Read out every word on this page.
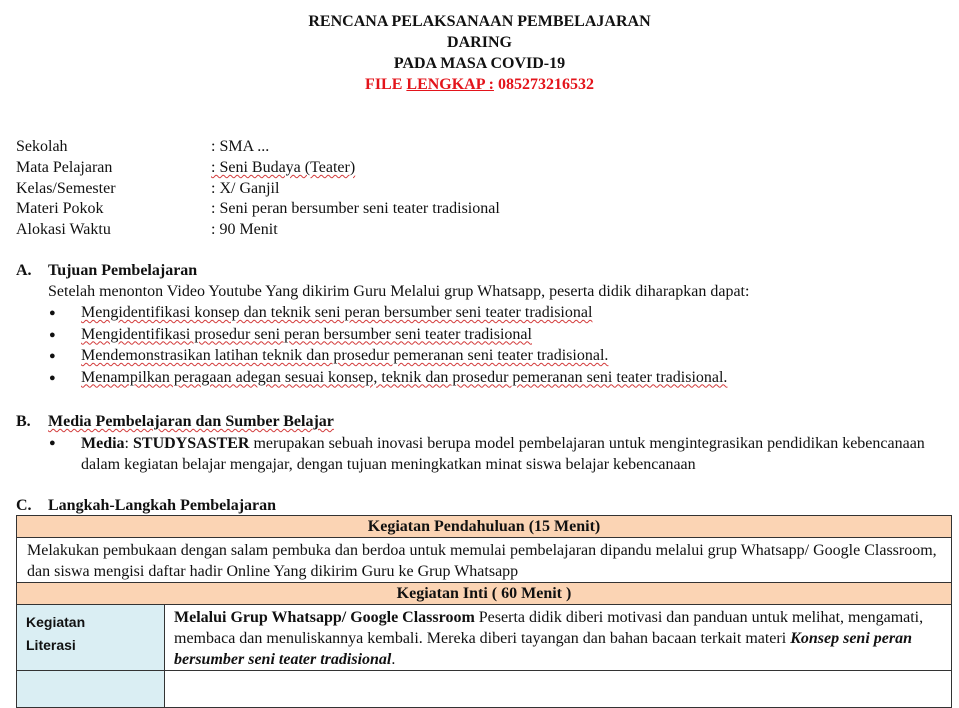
RENCANA PELAKSANAAN PEMBELAJARAN
DARING
PADA MASA COVID-19
FILE LENGKAP : 085273216532
Sekolah	: SMA ...
Mata Pelajaran	: Seni Budaya (Teater)
Kelas/Semester	: X/ Ganjil
Materi Pokok	: Seni peran bersumber seni teater tradisional
Alokasi Waktu	: 90 Menit
A.	Tujuan Pembelajaran
Setelah menonton Video Youtube Yang dikirim Guru Melalui grup Whatsapp, peserta didik diharapkan dapat:
● Mengidentifikasi konsep dan teknik seni peran bersumber seni teater tradisional
● Mengidentifikasi prosedur seni peran bersumber seni teater tradisional
● Mendemonstrasikan latihan teknik dan prosedur pemeranan seni teater tradisional.
● Menampilkan peragaan adegan sesuai konsep, teknik dan prosedur pemeranan seni teater tradisional.
B.	Media Pembelajaran dan Sumber Belajar
● Media: STUDYSASTER merupakan sebuah inovasi berupa model pembelajaran untuk mengintegrasikan pendidikan kebencanaan dalam kegiatan belajar mengajar, dengan tujuan meningkatkan minat siswa belajar kebencanaan
C.	Langkah-Langkah Pembelajaran
Kegiatan Pendahuluan (15 Menit)	
Melakukan pembukaan dengan salam pembuka dan berdoa untuk memulai pembelajaran dipandu melalui grup Whatsapp/ Google Classroom, dan siswa mengisi daftar hadir Online Yang dikirim Guru ke Grup Whatsapp	
Kegiatan Inti ( 60 Menit )	

Kegiatan
Literasi	Melalui Grup Whatsapp/ Google Classroom Peserta didik diberi motivasi dan panduan untuk melihat, mengamati, membaca dan menuliskannya kembali. Mereka diberi tayangan dan bahan bacaan terkait materi Konsep seni peran bersumber seni teater tradisional.
